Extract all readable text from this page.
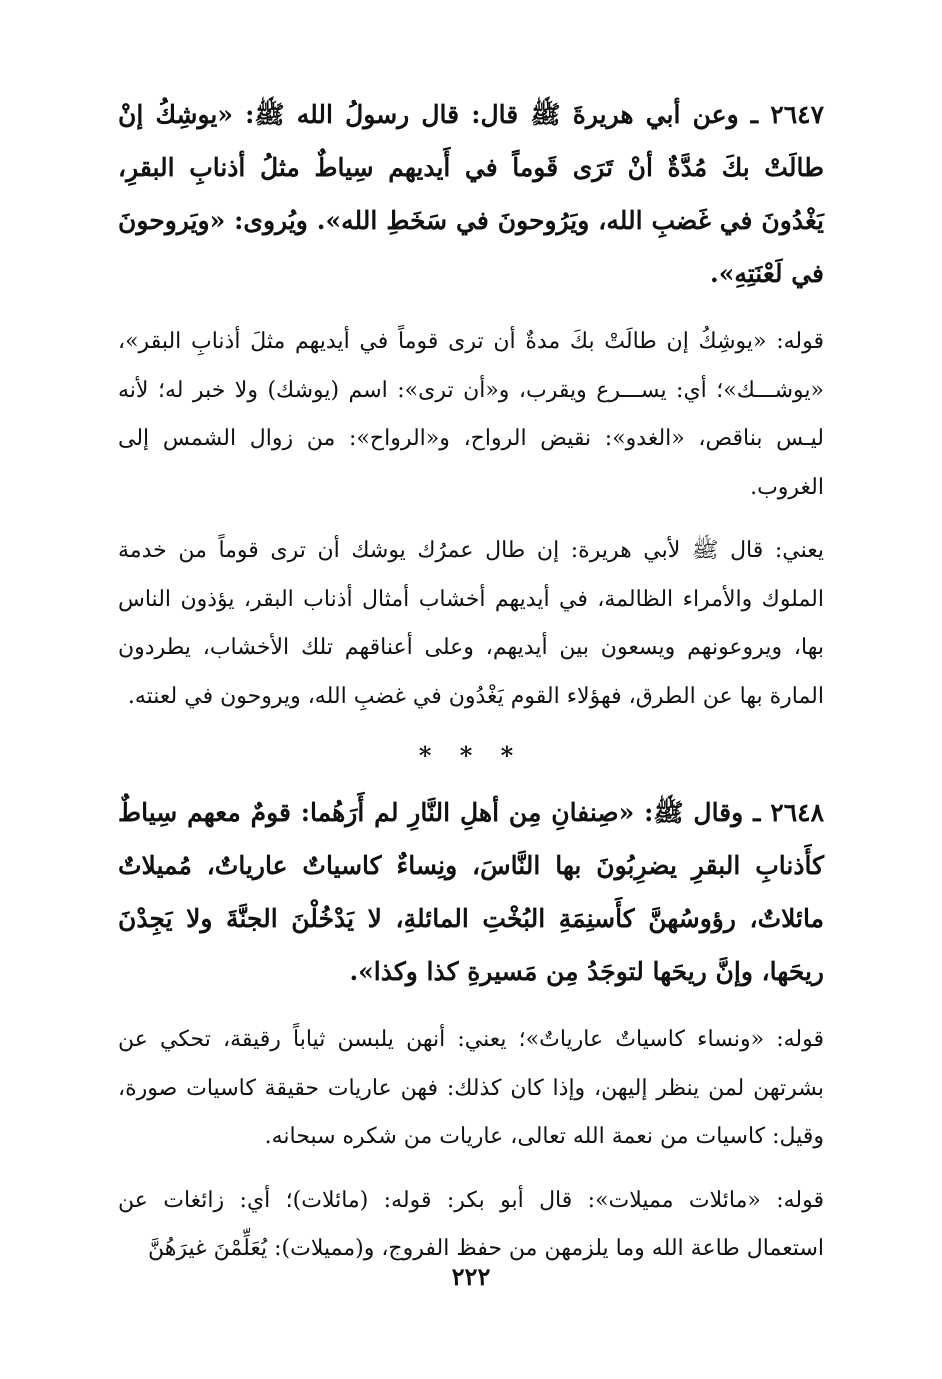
٢٦٤٧ ـ وعن أبي هريرةَ ﷺ قال: قال رسولُ الله ﷺ: «يوشِكُ إنْ طالَتْ بكَ مُدَّةٌ أنْ تَرَى قَوماً في أَيديهم سِياطٌ مثلُ أذنابِ البقرِ، يَغْدُونَ في غَضبِ الله، ويَرُوحونَ في سَخَطِ الله». ويُروى: «ويَروحونَ في لَعْنَتِهِ».

قوله: «يوشِكُ إن طالَتْ بكَ مدةٌ أن ترى قوماً في أيديهم مثلَ أذنابِ البقر»، «يوشـــك»؛ أي: يســـرع ويقرب، و«أن ترى»: اسم (يوشك) ولا خبر له؛ لأنه ليـس بناقص، «الغدو»: نقيض الرواح، و«الرواح»: من زوال الشمس إلى الغروب.

يعني: قال ﷺ لأبي هريرة: إن طال عمرُك يوشك أن ترى قوماً من خدمة الملوك والأمراء الظالمة، في أيديهم أخشاب أمثال أذناب البقر، يؤذون الناس بها، ويروعونهم ويسعون بين أيديهم، وعلى أعناقهم تلك الأخشاب، يطردون المارة بها عن الطرق، فهؤلاء القوم يَغْدُون في غضبِ الله، ويروحون في لعنته.

* * *

٢٦٤٨ ـ وقال ﷺ: «صِنفانِ مِن أهلِ النَّارِ لم أَرَهُما: قومٌ معهم سِياطٌ كأَذنابِ البقرِ يضرِبُونَ بها النَّاسَ، ونِساءٌ كاسياتٌ عارياتٌ، مُميلاتٌ مائلاتٌ، رؤوسُهنَّ كأَسنِمَةِ البُخْتِ المائلةِ، لا يَدْخُلْنَ الجنَّةَ ولا يَجِدْنَ ريحَها، وإنَّ ريحَها لتوجَدُ مِن مَسيرةِ كذا وكذا».

قوله: «ونساء كاسياتٌ عارياتٌ»؛ يعني: أنهن يلبسن ثياباً رقيقة، تحكي عن بشرتهن لمن ينظر إليهن، وإذا كان كذلك: فهن عاريات حقيقة كاسيات صورة، وقيل: كاسيات من نعمة الله تعالى، عاريات من شكره سبحانه.

قوله: «مائلات مميلات»: قال أبو بكر: قوله: (مائلات)؛ أي: زائغات عن استعمال طاعة الله وما يلزمهن من حفظ الفروج، و(مميلات): يُعَلِّمْنَ غيرَهُنَّ

٢٢٢
